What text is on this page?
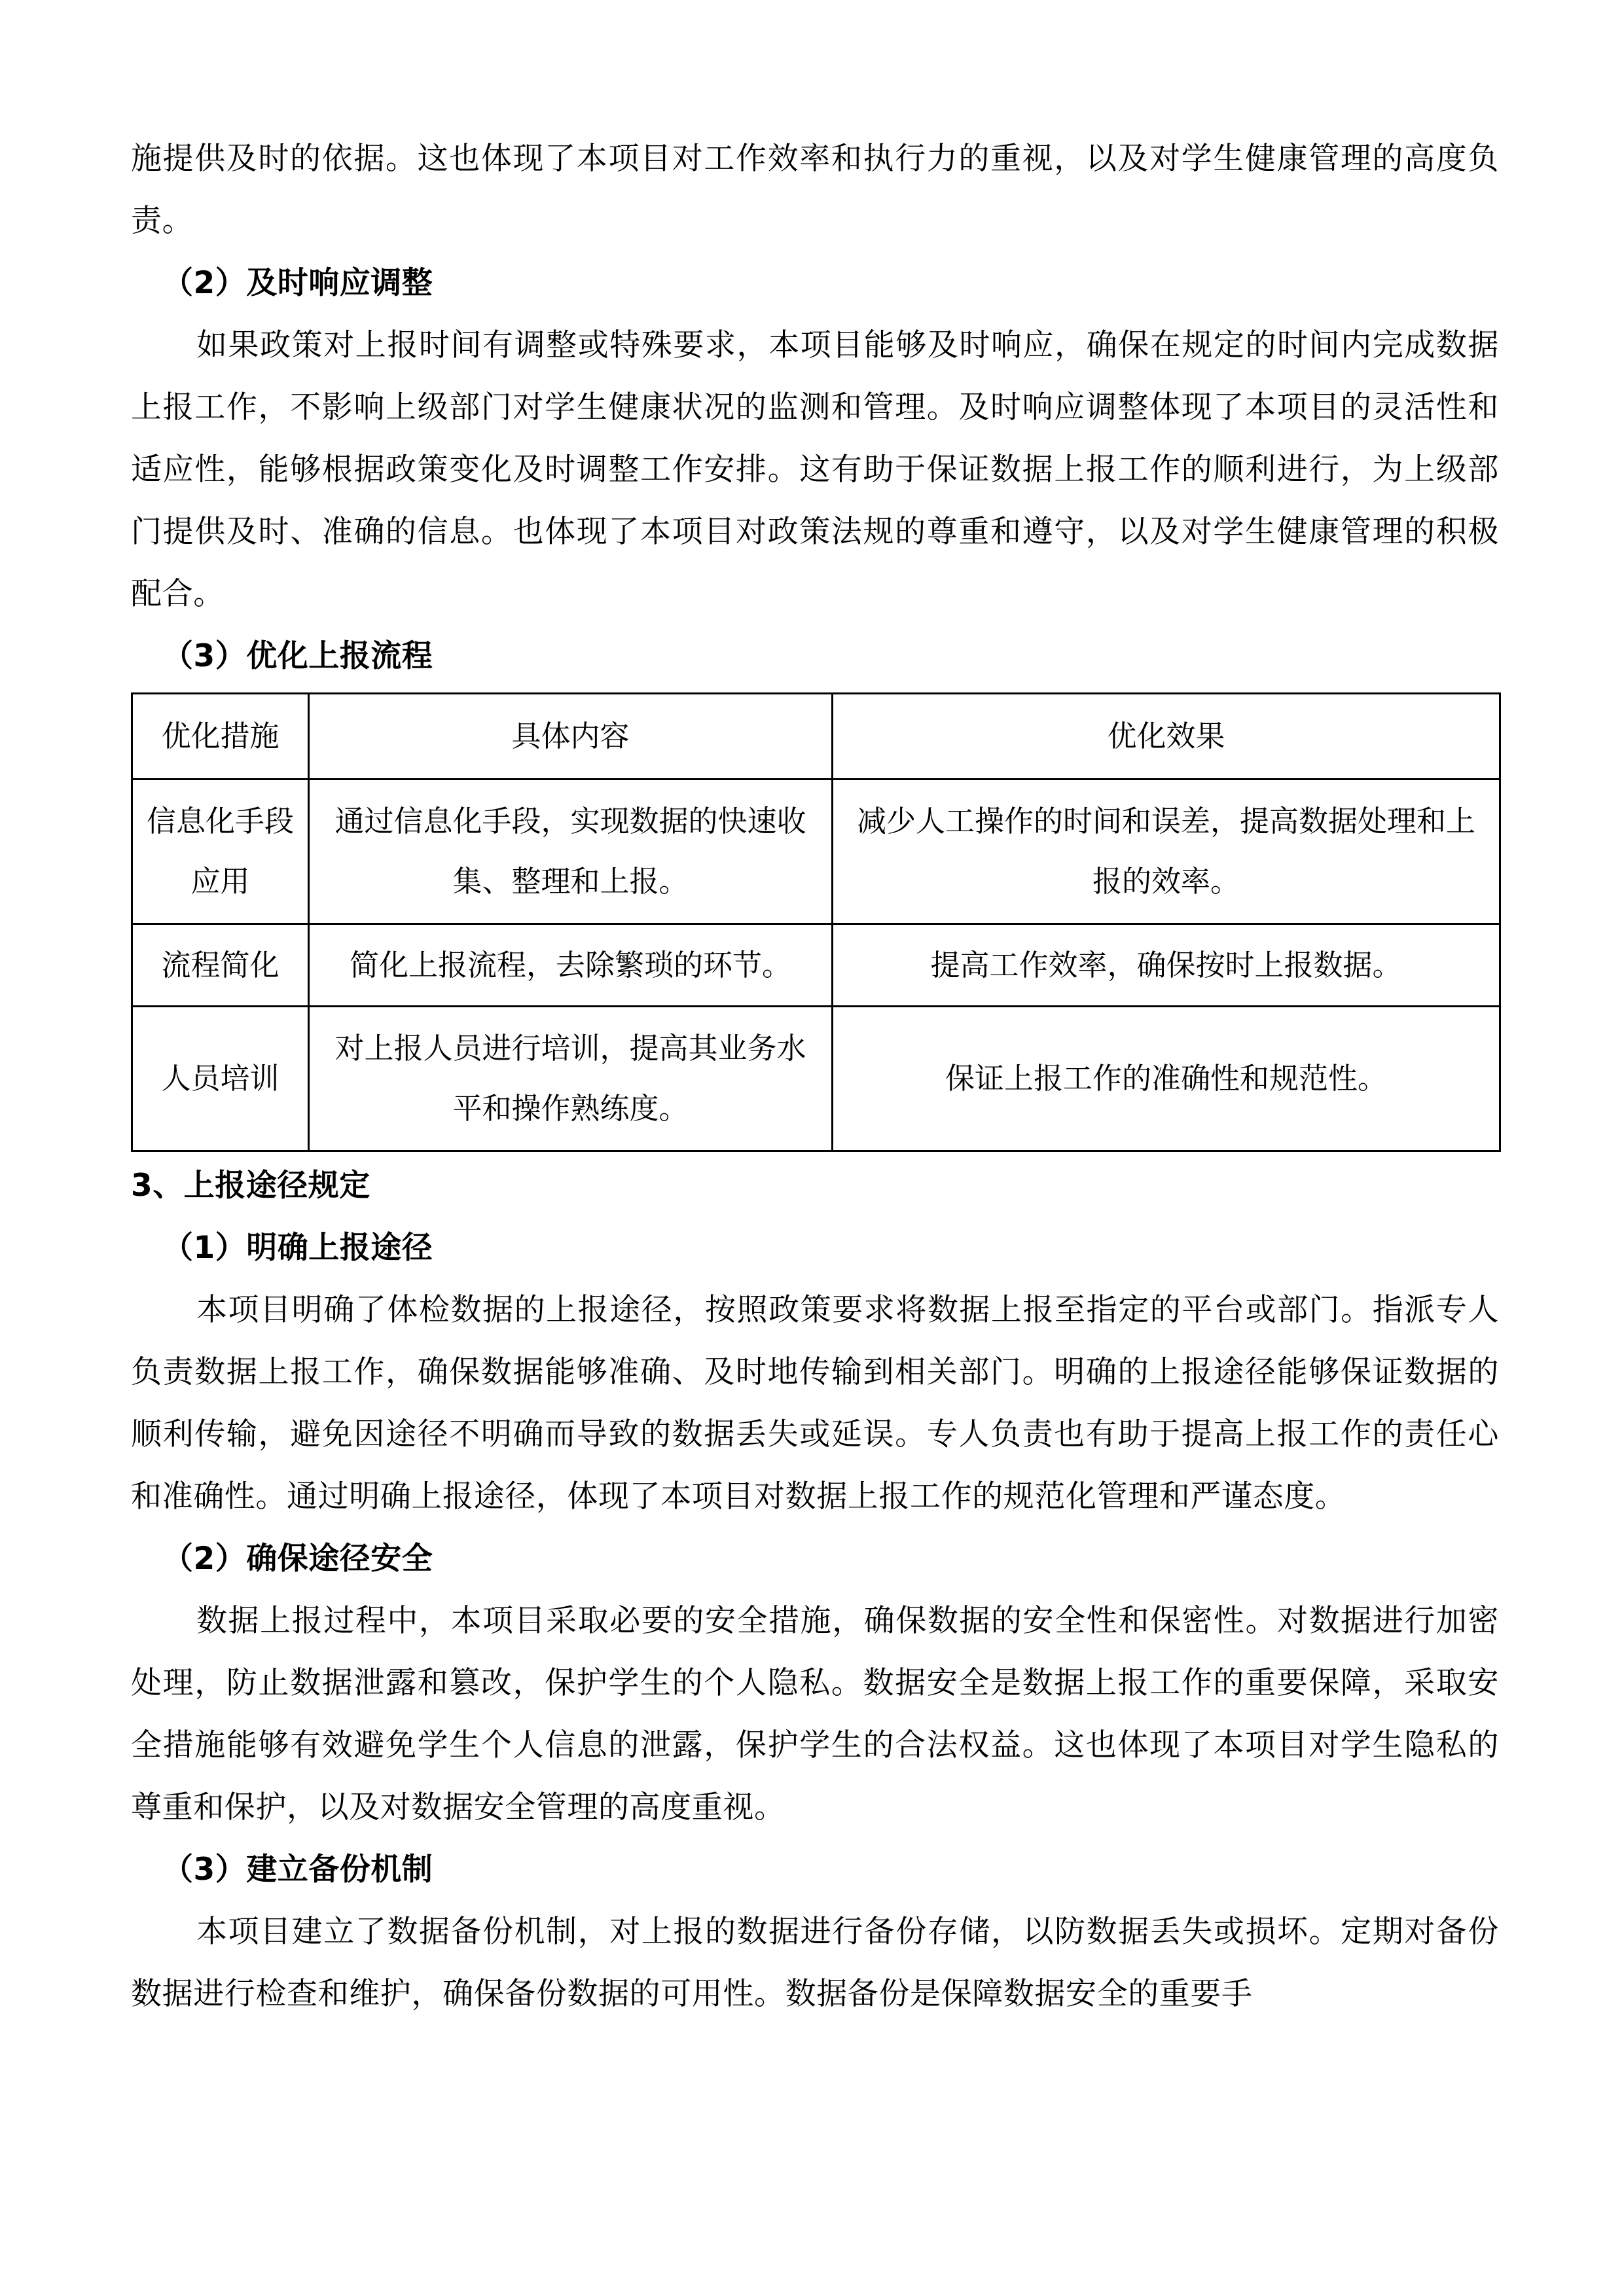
施提供及时的依据。这也体现了本项目对工作效率和执行力的重视，以及对学生健康管理的高度负责。

（2）及时响应调整

如果政策对上报时间有调整或特殊要求，本项目能够及时响应，确保在规定的时间内完成数据上报工作，不影响上级部门对学生健康状况的监测和管理。及时响应调整体现了本项目的灵活性和适应性，能够根据政策变化及时调整工作安排。这有助于保证数据上报工作的顺利进行，为上级部门提供及时、准确的信息。也体现了本项目对政策法规的尊重和遵守，以及对学生健康管理的积极配合。

（3）优化上报流程
优化措施	具体内容	优化效果
信息化手段应用	通过信息化手段，实现数据的快速收集、整理和上报。	减少人工操作的时间和误差，提高数据处理和上报的效率。
流程简化	简化上报流程，去除繁琐的环节。	提高工作效率，确保按时上报数据。
人员培训	对上报人员进行培训，提高其业务水平和操作熟练度。	保证上报工作的准确性和规范性。
3、上报途径规定
（1）明确上报途径

本项目明确了体检数据的上报途径，按照政策要求将数据上报至指定的平台或部门。指派专人负责数据上报工作，确保数据能够准确、及时地传输到相关部门。明确的上报途径能够保证数据的顺利传输，避免因途径不明确而导致的数据丢失或延误。专人负责也有助于提高上报工作的责任心和准确性。通过明确上报途径，体现了本项目对数据上报工作的规范化管理和严谨态度。

（2）确保途径安全

数据上报过程中，本项目采取必要的安全措施，确保数据的安全性和保密性。对数据进行加密处理，防止数据泄露和篡改，保护学生的个人隐私。数据安全是数据上报工作的重要保障，采取安全措施能够有效避免学生个人信息的泄露，保护学生的合法权益。这也体现了本项目对学生隐私的尊重和保护，以及对数据安全管理的高度重视。

（3）建立备份机制

本项目建立了数据备份机制，对上报的数据进行备份存储，以防数据丢失或损坏。定期对备份数据进行检查和维护，确保备份数据的可用性。数据备份是保障数据安全的重要手
